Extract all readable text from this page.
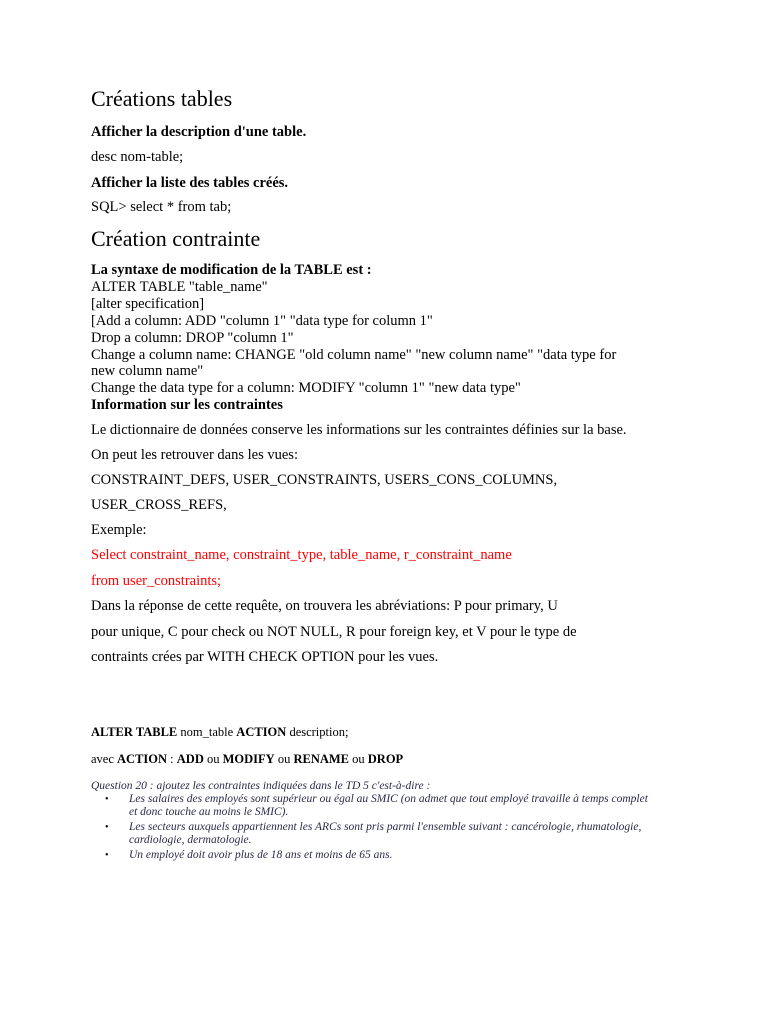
Créations tables
Afficher la description d'une table.
desc nom-table;
Afficher la liste des tables créés.
SQL> select * from tab;
Création contrainte
La syntaxe de modification de la TABLE est :
ALTER TABLE "table_name"
[alter specification]
[Add a column: ADD "column 1" "data type for column 1"
Drop a column: DROP "column 1"
Change a column name: CHANGE "old column name" "new column name" "data type for
new column name"
Change the data type for a column: MODIFY "column 1" "new data type"
Information sur les contraintes
Le dictionnaire de données conserve les informations sur les contraintes définies sur la base.
On peut les retrouver dans les vues:
CONSTRAINT_DEFS, USER_CONSTRAINTS, USERS_CONS_COLUMNS,
USER_CROSS_REFS,
Exemple:
Select constraint_name, constraint_type, table_name, r_constraint_name
from user_constraints;
Dans la réponse de cette requête, on trouvera les abréviations: P pour primary, U
pour unique, C pour check ou NOT NULL, R pour foreign key, et V pour le type de
contraints crées par WITH CHECK OPTION pour les vues.
ALTER TABLE nom_table ACTION description;
avec ACTION : ADD ou MODIFY ou RENAME ou DROP
Question 20 : ajoutez les contraintes indiquées dans le TD 5 c'est-à-dire :
• Les salaires des employés sont supérieur ou égal au SMIC (on admet que tout employé travaille à temps complet et donc touche au moins le SMIC).
• Les secteurs auxquels appartiennent les ARCs sont pris parmi l'ensemble suivant : cancérologie, rhumatologie, cardiologie, dermatologie.
• Un employé doit avoir plus de 18 ans et moins de 65 ans.
